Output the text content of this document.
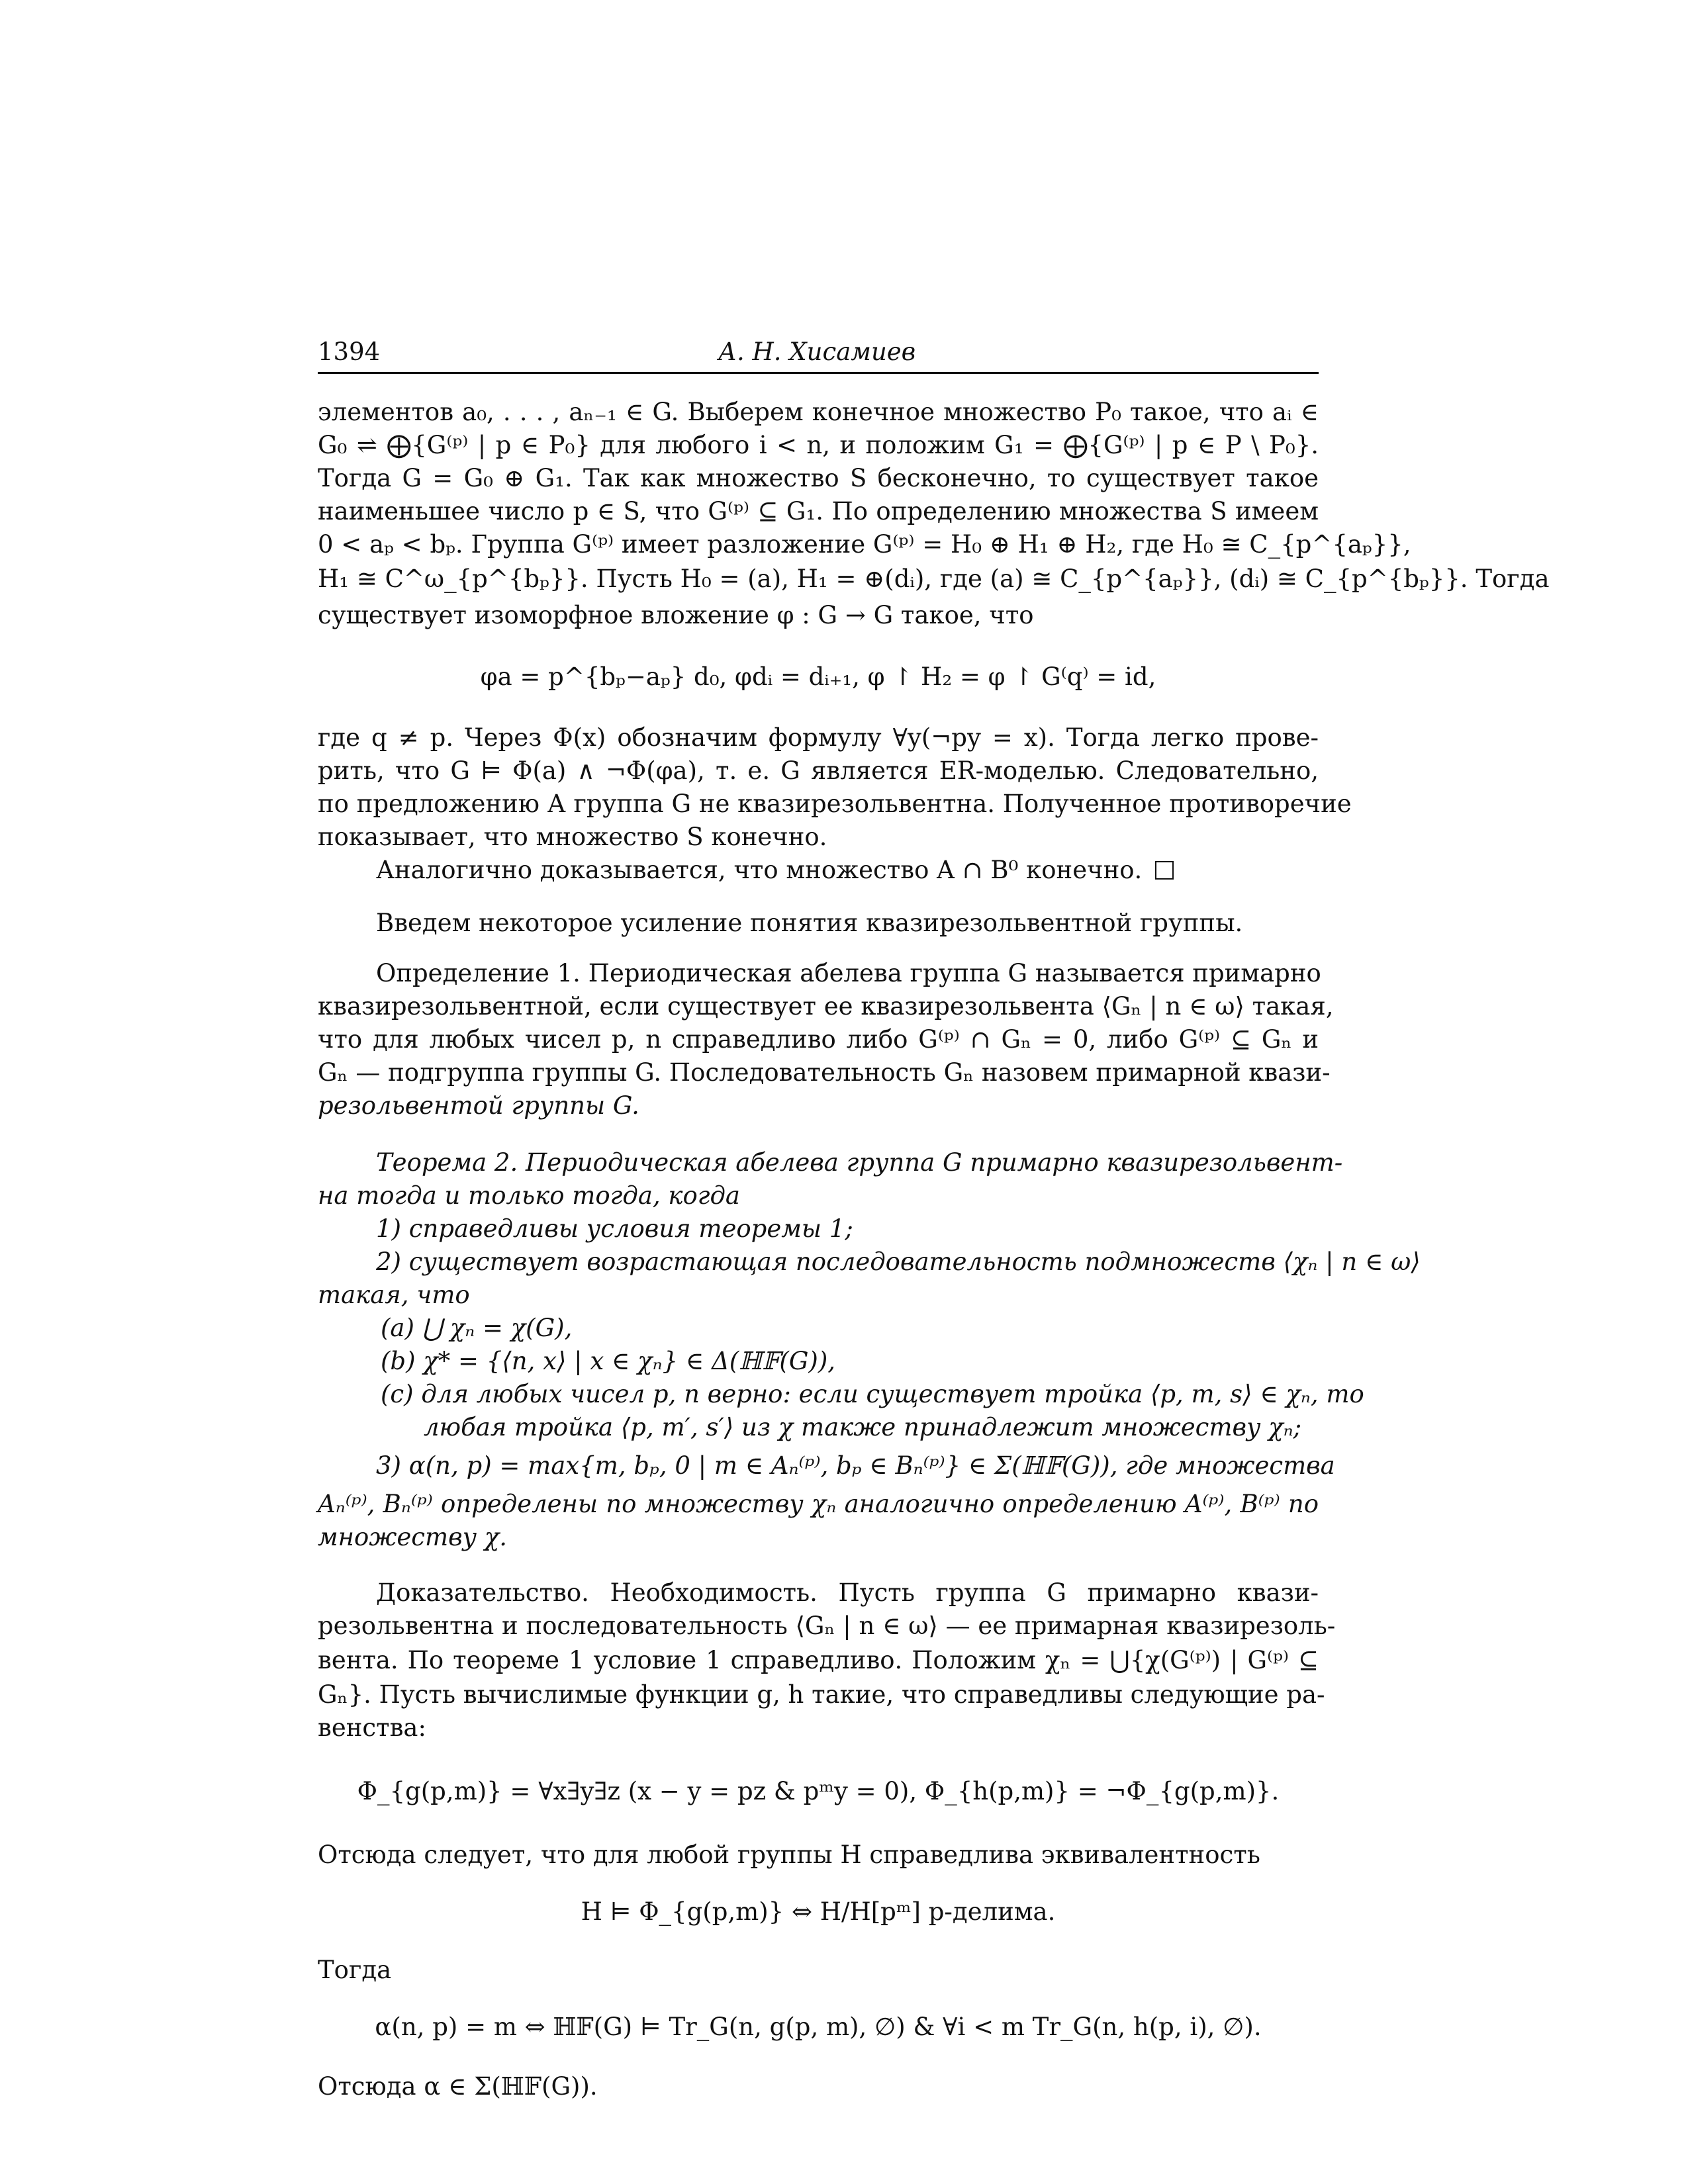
1394	А. Н. Хисамиев
элементов a₀, . . . , aₙ₋₁ ∈ G. Выберем конечное множество P₀ такое, что aᵢ ∈
G₀ ⇌ ⨁{G⁽ᵖ⁾ | p ∈ P₀} для любого i < n, и положим G₁ = ⨁{G⁽ᵖ⁾ | p ∈ P \ P₀}.
Тогда G = G₀ ⊕ G₁. Так как множество S бесконечно, то существует такое
наименьшее число p ∈ S, что G⁽ᵖ⁾ ⊆ G₁. По определению множества S имеем
0 < aₚ < bₚ. Группа G⁽ᵖ⁾ имеет разложение G⁽ᵖ⁾ = H₀ ⊕ H₁ ⊕ H₂, где H₀ ≅ C_{p^{aₚ}},
H₁ ≅ C^ω_{p^{bₚ}}. Пусть H₀ = (a), H₁ = ⊕(dᵢ), где (a) ≅ C_{p^{aₚ}}, (dᵢ) ≅ C_{p^{bₚ}}. Тогда
существует изоморфное вложение φ : G → G такое, что
φa = p^{bₚ−aₚ} d₀, φdᵢ = dᵢ₊₁, φ ↾ H₂ = φ ↾ G⁽q⁾ = id,
где q ≠ p. Через Φ(x) обозначим формулу ∀y(¬py = x). Тогда легко прове-
рить, что G ⊨ Φ(a) ∧ ¬Φ(φa), т. е. G является ER-моделью. Следовательно,
по предложению А группа G не квазирезольвентна. Полученное противоречие
показывает, что множество S конечно.
Аналогично доказывается, что множество A ∩ B⁰ конечно.
Введем некоторое усиление понятия квазирезольвентной группы.
Определение 1. Периодическая абелева группа G называется примарно
квазирезольвентной, если существует ее квазирезольвента ⟨Gₙ | n ∈ ω⟩ такая,
что для любых чисел p, n справедливо либо G⁽ᵖ⁾ ∩ Gₙ = 0, либо G⁽ᵖ⁾ ⊆ Gₙ и
Gₙ — подгруппа группы G. Последовательность Gₙ назовем примарной квази-
резольвентой группы G.
Теорема 2. Периодическая абелева группа G примарно квазирезольвент-
на тогда и только тогда, когда
1) справедливы условия теоремы 1;
2) существует возрастающая последовательность подмножеств ⟨χₙ | n ∈ ω⟩
такая, что
(a) ⋃ χₙ = χ(G),
(b) χ* = {⟨n, x⟩ | x ∈ χₙ} ∈ Δ(ℍ𝔽(G)),
(c) для любых чисел p, n верно: если существует тройка ⟨p, m, s⟩ ∈ χₙ, то
любая тройка ⟨p, m′, s′⟩ из χ также принадлежит множеству χₙ;
3) α(n, p) = max{m, bₚ, 0 | m ∈ Aₙ⁽ᵖ⁾, bₚ ∈ Bₙ⁽ᵖ⁾} ∈ Σ(ℍ𝔽(G)), где множества
Aₙ⁽ᵖ⁾, Bₙ⁽ᵖ⁾ определены по множеству χₙ аналогично определению A⁽ᵖ⁾, B⁽ᵖ⁾ по
множеству χ.
Доказательство. Необходимость. Пусть группа G примарно квази-
резольвентна и последовательность ⟨Gₙ | n ∈ ω⟩ — ее примарная квазирезоль-
вента. По теореме 1 условие 1 справедливо. Положим χₙ = ⋃{χ(G⁽ᵖ⁾) | G⁽ᵖ⁾ ⊆
Gₙ}. Пусть вычислимые функции g, h такие, что справедливы следующие ра-
венства:
Φ_{g(p,m)} = ∀x∃y∃z (x − y = pz & pᵐy = 0), Φ_{h(p,m)} = ¬Φ_{g(p,m)}.
Отсюда следует, что для любой группы H справедлива эквивалентность
H ⊨ Φ_{g(p,m)} ⇔ H/H[pᵐ] p-делима.
Тогда
α(n, p) = m ⇔ ℍ𝔽(G) ⊨ Tr_G(n, g(p, m), ∅) & ∀i < m Tr_G(n, h(p, i), ∅).
Отсюда α ∈ Σ(ℍ𝔽(G)).
